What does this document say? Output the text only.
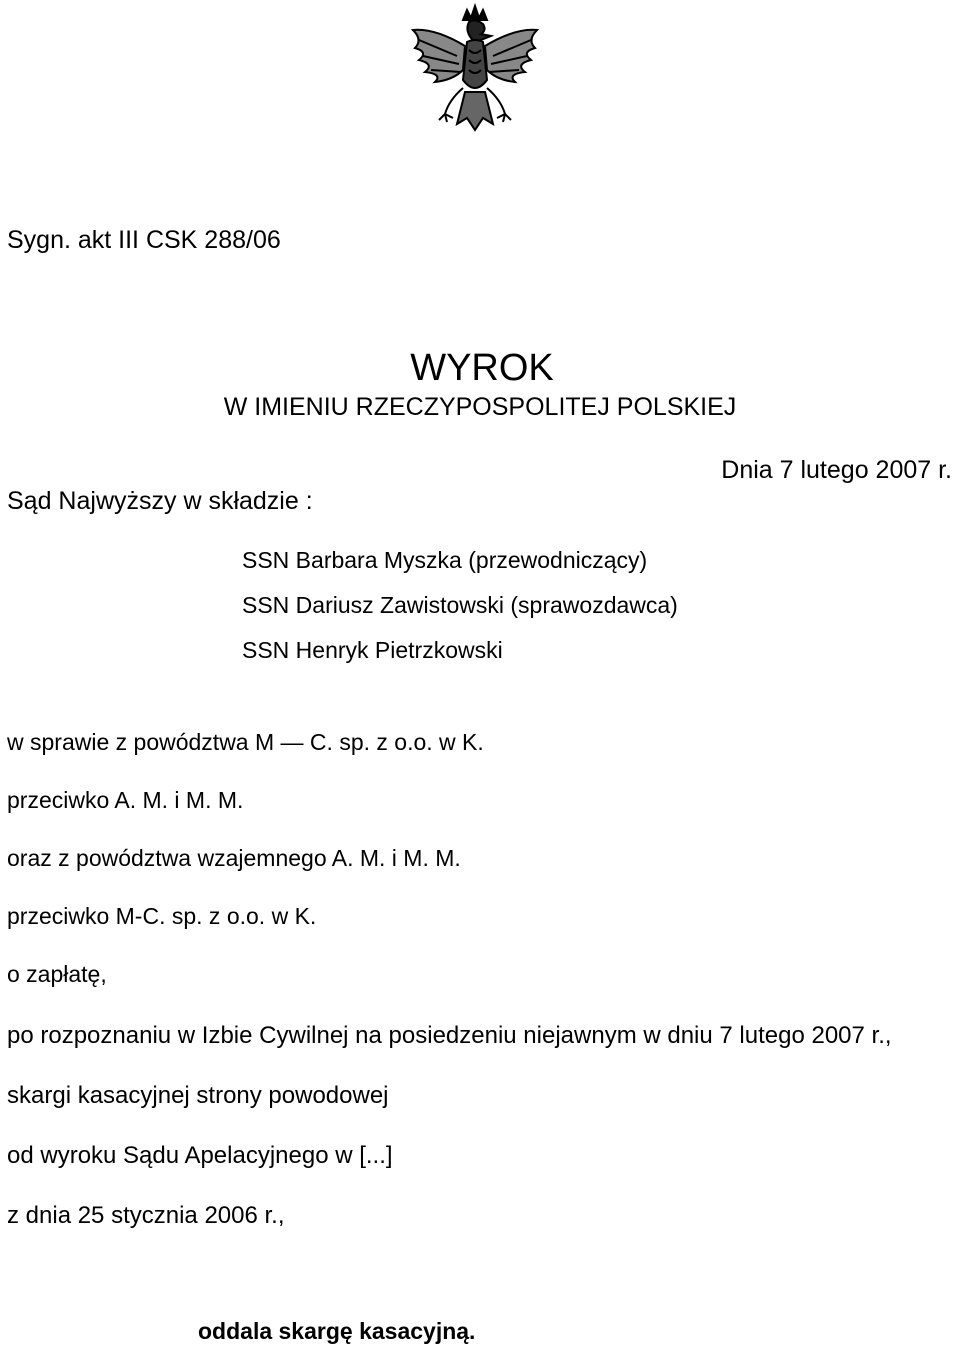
Sygn. akt III CSK 288/06
WYROK
W IMIENIU RZECZYPOSPOLITEJ POLSKIEJ
Dnia 7 lutego 2007 r.
Sąd Najwyższy w składzie :
SSN Barbara Myszka (przewodniczący)
SSN Dariusz Zawistowski (sprawozdawca)
SSN Henryk Pietrzkowski
w sprawie z powództwa M — C. sp. z o.o. w K.
przeciwko A. M. i M. M.
oraz z powództwa wzajemnego A. M. i M. M.
przeciwko M-C. sp. z o.o. w K.
o zapłatę,
po rozpoznaniu w Izbie Cywilnej na posiedzeniu niejawnym w dniu 7 lutego 2007 r.,
skargi kasacyjnej strony powodowej
od wyroku Sądu Apelacyjnego w [...]
z dnia 25 stycznia 2006 r.,
oddala skargę kasacyjną.
